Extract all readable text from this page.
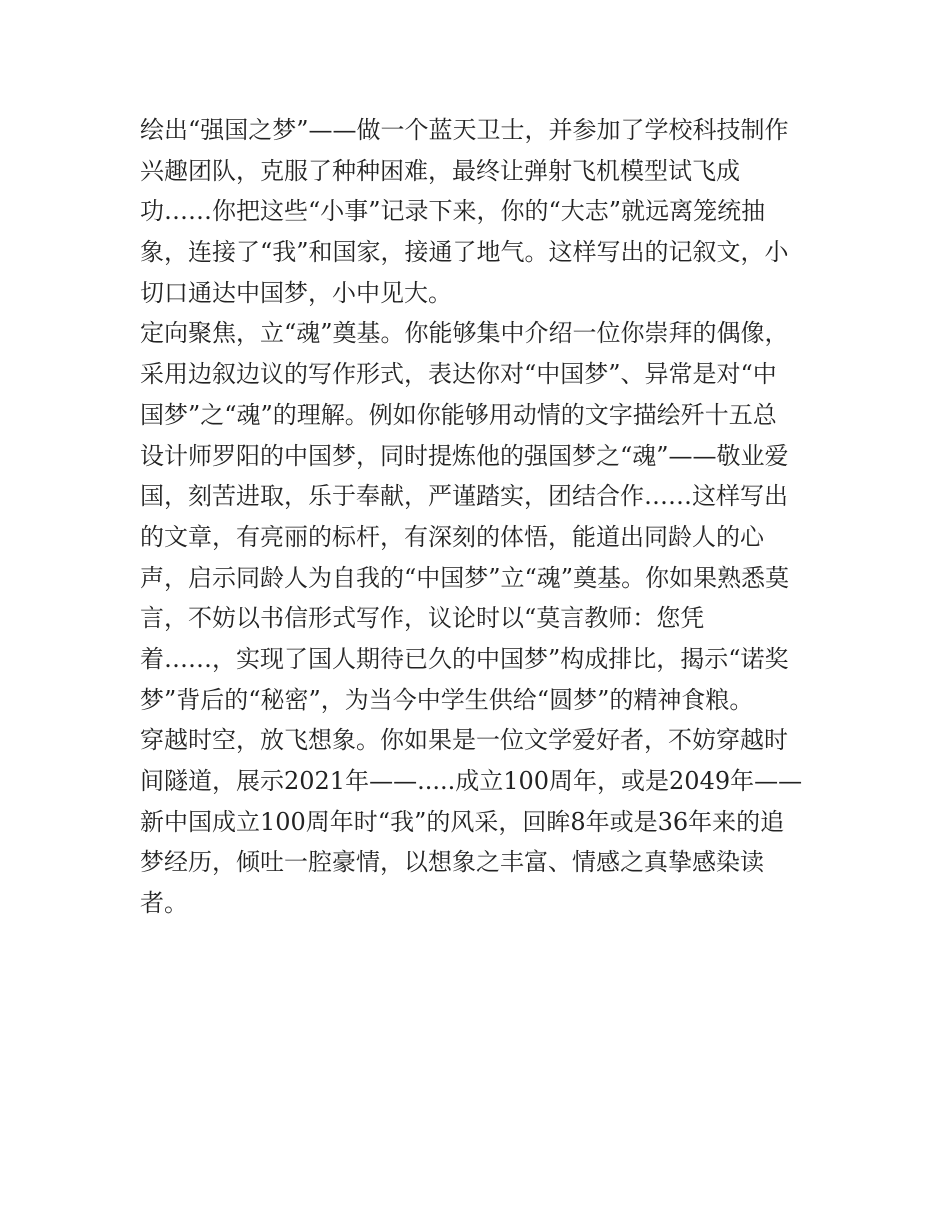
绘出“强国之梦”——做一个蓝天卫士，并参加了学校科技制作
兴趣团队，克服了种种困难，最终让弹射飞机模型试飞成
功……你把这些“小事”记录下来，你的“大志”就远离笼统抽
象，连接了“我”和国家，接通了地气。这样写出的记叙文，小
切口通达中国梦，小中见大。
定向聚焦，立“魂”奠基。你能够集中介绍一位你崇拜的偶像，
采用边叙边议的写作形式，表达你对“中国梦”、异常是对“中
国梦”之“魂”的理解。例如你能够用动情的文字描绘歼十五总
设计师罗阳的中国梦，同时提炼他的强国梦之“魂”——敬业爱
国，刻苦进取，乐于奉献，严谨踏实，团结合作……这样写出
的文章，有亮丽的标杆，有深刻的体悟，能道出同龄人的心
声，启示同龄人为自我的“中国梦”立“魂”奠基。你如果熟悉莫
言，不妨以书信形式写作，议论时以“莫言教师：您凭
着……，实现了国人期待已久的中国梦”构成排比，揭示“诺奖
梦”背后的“秘密”，为当今中学生供给“圆梦”的精神食粮。
穿越时空，放飞想象。你如果是一位文学爱好者，不妨穿越时
间隧道，展示2021年——.....成立100周年，或是2049年——
新中国成立100周年时“我”的风采，回眸8年或是36年来的追
梦经历，倾吐一腔豪情，以想象之丰富、情感之真挚感染读
者。
